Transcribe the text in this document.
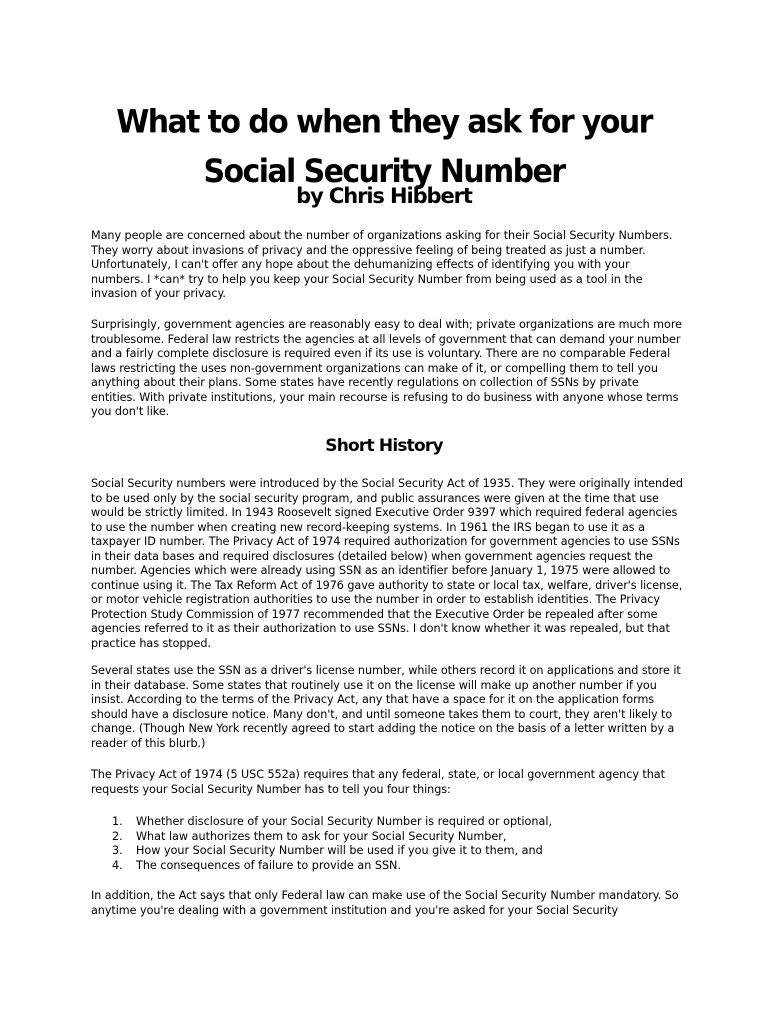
What to do when they ask for your
Social Security Number
by Chris Hibbert

Many people are concerned about the number of organizations asking for their Social Security Numbers. They worry about invasions of privacy and the oppressive feeling of being treated as just a number. Unfortunately, I can't offer any hope about the dehumanizing effects of identifying you with your numbers. I *can* try to help you keep your Social Security Number from being used as a tool in the invasion of your privacy.

Surprisingly, government agencies are reasonably easy to deal with; private organizations are much more troublesome. Federal law restricts the agencies at all levels of government that can demand your number and a fairly complete disclosure is required even if its use is voluntary. There are no comparable Federal laws restricting the uses non-government organizations can make of it, or compelling them to tell you anything about their plans. Some states have recently regulations on collection of SSNs by private entities. With private institutions, your main recourse is refusing to do business with anyone whose terms you don't like.

Short History

Social Security numbers were introduced by the Social Security Act of 1935. They were originally intended to be used only by the social security program, and public assurances were given at the time that use would be strictly limited. In 1943 Roosevelt signed Executive Order 9397 which required federal agencies to use the number when creating new record-keeping systems. In 1961 the IRS began to use it as a taxpayer ID number. The Privacy Act of 1974 required authorization for government agencies to use SSNs in their data bases and required disclosures (detailed below) when government agencies request the number. Agencies which were already using SSN as an identifier before January 1, 1975 were allowed to continue using it. The Tax Reform Act of 1976 gave authority to state or local tax, welfare, driver's license, or motor vehicle registration authorities to use the number in order to establish identities. The Privacy Protection Study Commission of 1977 recommended that the Executive Order be repealed after some agencies referred to it as their authorization to use SSNs. I don't know whether it was repealed, but that practice has stopped.

Several states use the SSN as a driver's license number, while others record it on applications and store it in their database. Some states that routinely use it on the license will make up another number if you insist. According to the terms of the Privacy Act, any that have a space for it on the application forms should have a disclosure notice. Many don't, and until someone takes them to court, they aren't likely to change. (Though New York recently agreed to start adding the notice on the basis of a letter written by a reader of this blurb.)

The Privacy Act of 1974 (5 USC 552a) requires that any federal, state, or local government agency that requests your Social Security Number has to tell you four things:

1. Whether disclosure of your Social Security Number is required or optional,
2. What law authorizes them to ask for your Social Security Number,
3. How your Social Security Number will be used if you give it to them, and
4. The consequences of failure to provide an SSN.

In addition, the Act says that only Federal law can make use of the Social Security Number mandatory. So anytime you're dealing with a government institution and you're asked for your Social Security
